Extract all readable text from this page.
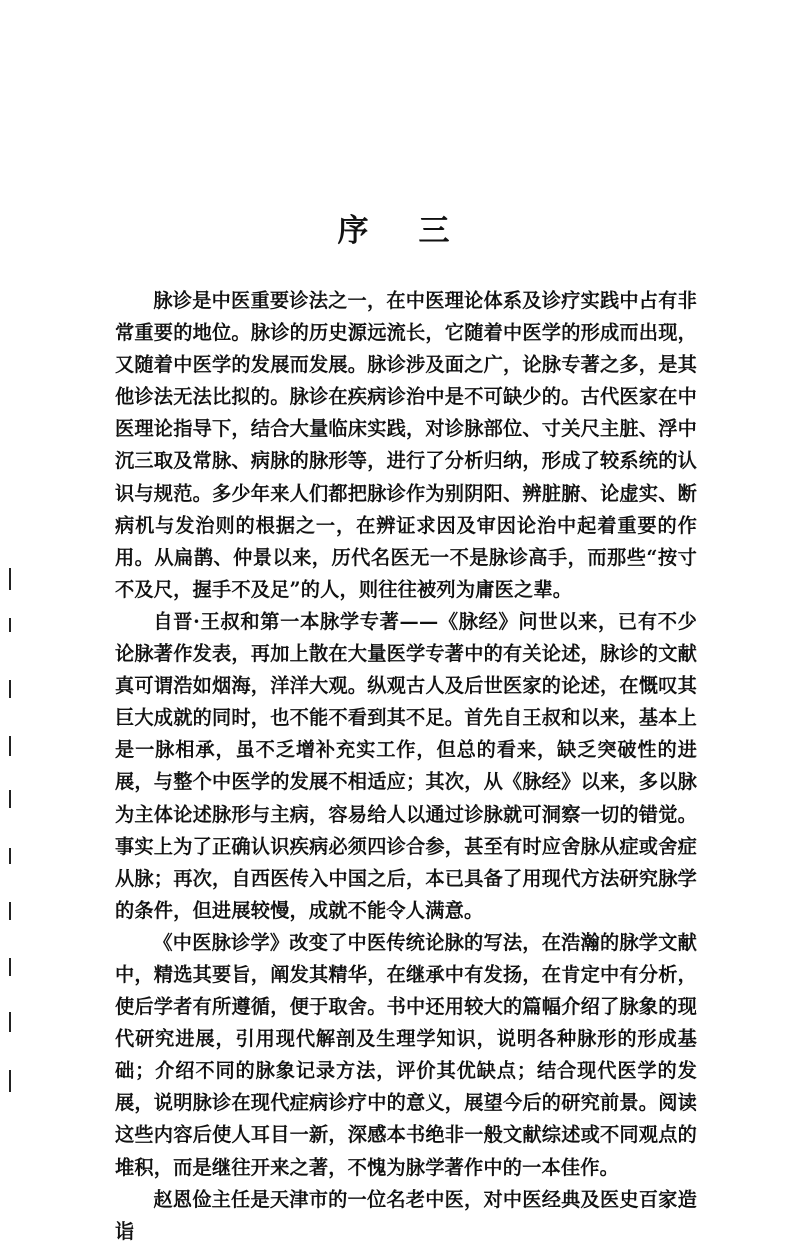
序三

脉诊是中医重要诊法之一，在中医理论体系及诊疗实践中占有非常重要的地位。脉诊的历史源远流长，它随着中医学的形成而出现，又随着中医学的发展而发展。脉诊涉及面之广，论脉专著之多，是其他诊法无法比拟的。脉诊在疾病诊治中是不可缺少的。古代医家在中医理论指导下，结合大量临床实践，对诊脉部位、寸关尺主脏、浮中沉三取及常脉、病脉的脉形等，进行了分析归纳，形成了较系统的认识与规范。多少年来人们都把脉诊作为别阴阳、辨脏腑、论虚实、断病机与发治则的根据之一，在辨证求因及审因论治中起着重要的作用。从扁鹊、仲景以来，历代名医无一不是脉诊高手，而那些“按寸不及尺，握手不及足”的人，则往往被列为庸医之辈。

自晋·王叔和第一本脉学专著——《脉经》问世以来，已有不少论脉著作发表，再加上散在大量医学专著中的有关论述，脉诊的文献真可谓浩如烟海，洋洋大观。纵观古人及后世医家的论述，在慨叹其巨大成就的同时，也不能不看到其不足。首先自王叔和以来，基本上是一脉相承，虽不乏增补充实工作，但总的看来，缺乏突破性的进展，与整个中医学的发展不相适应；其次，从《脉经》以来，多以脉为主体论述脉形与主病，容易给人以通过诊脉就可洞察一切的错觉。事实上为了正确认识疾病必须四诊合参，甚至有时应舍脉从症或舍症从脉；再次，自西医传入中国之后，本已具备了用现代方法研究脉学的条件，但进展较慢，成就不能令人满意。

《中医脉诊学》改变了中医传统论脉的写法，在浩瀚的脉学文献中，精选其要旨，阐发其精华，在继承中有发扬，在肯定中有分析，使后学者有所遵循，便于取舍。书中还用较大的篇幅介绍了脉象的现代研究进展，引用现代解剖及生理学知识，说明各种脉形的形成基础；介绍不同的脉象记录方法，评价其优缺点；结合现代医学的发展，说明脉诊在现代症病诊疗中的意义，展望今后的研究前景。阅读这些内容后使人耳目一新，深感本书绝非一般文献综述或不同观点的堆积，而是继往开来之著，不愧为脉学著作中的一本佳作。

赵恩俭主任是天津市的一位名老中医，对中医经典及医史百家造诣
